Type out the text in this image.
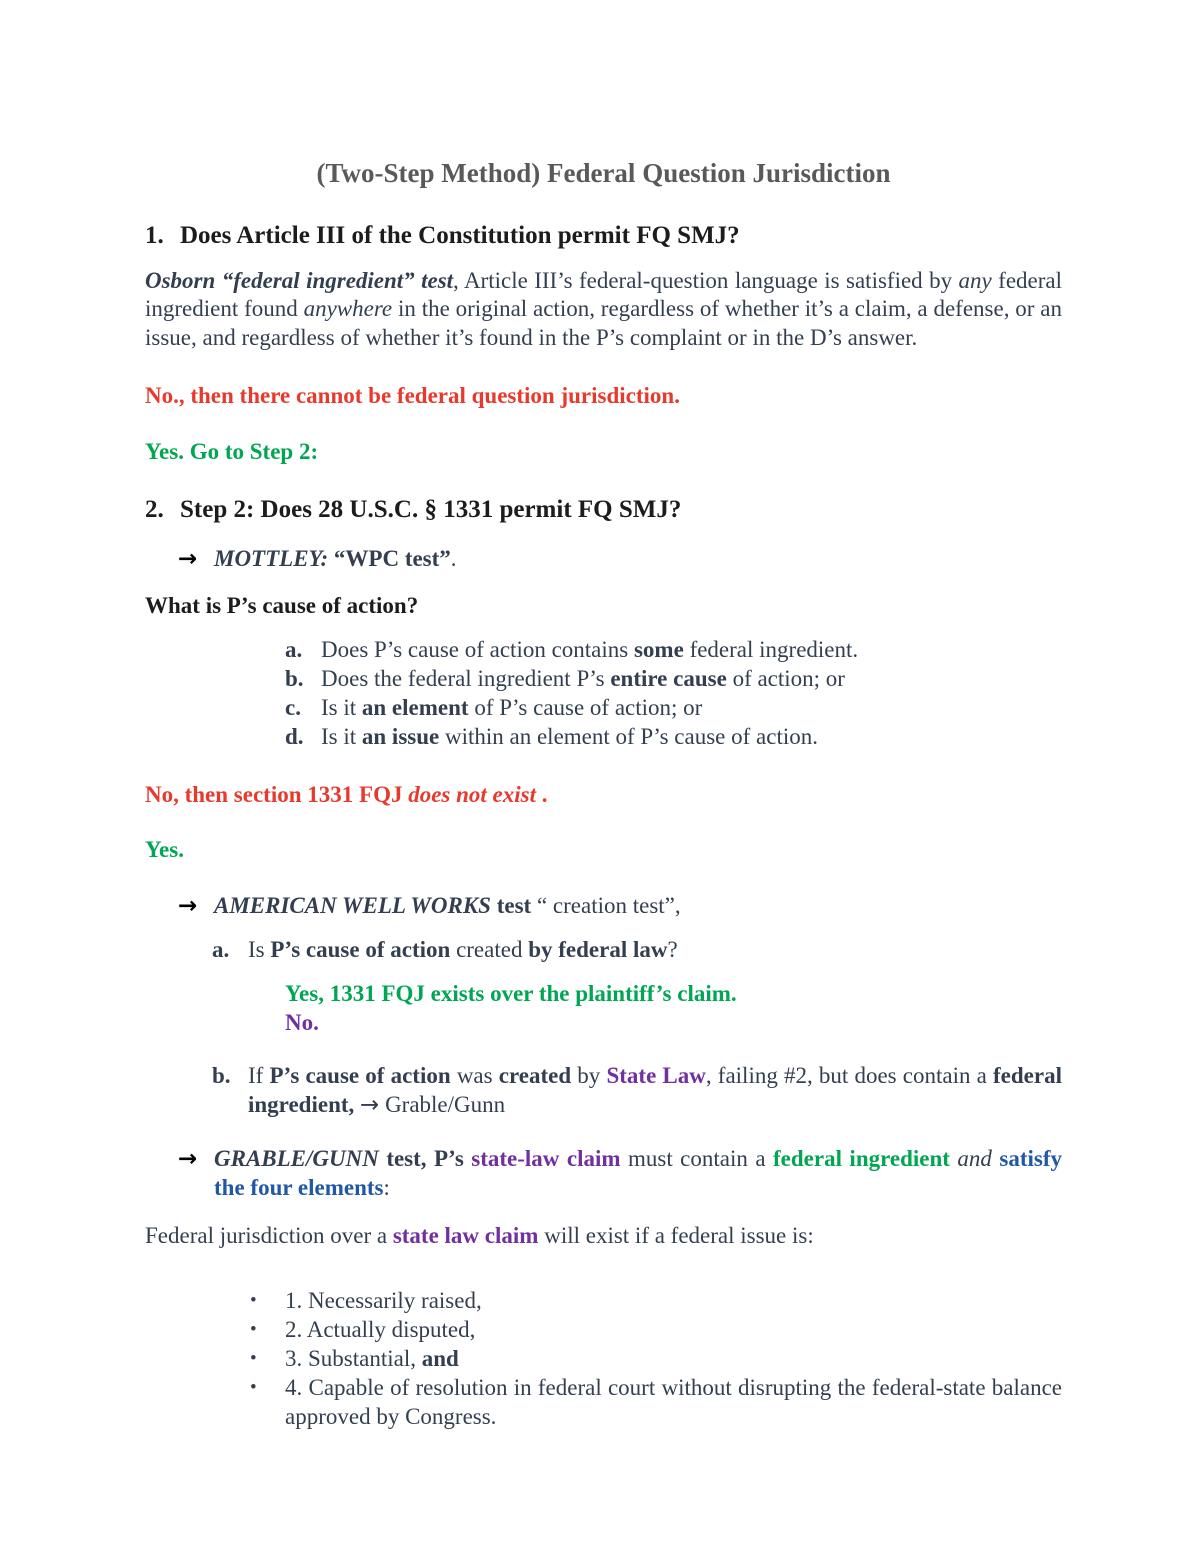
(Two-Step Method) Federal Question Jurisdiction
1. Does Article III of the Constitution permit FQ SMJ?

Osborn “federal ingredient” test, Article III’s federal-question language is satisfied by any federal ingredient found anywhere in the original action, regardless of whether it’s a claim, a defense, or an issue, and regardless of whether it’s found in the P’s complaint or in the D’s answer.

No., then there cannot be federal question jurisdiction.

Yes. Go to Step 2:

2. Step 2: Does 28 U.S.C. § 1331 permit FQ SMJ?
→ MOTTLEY: “WPC test”.

What is P’s cause of action?

a. Does P’s cause of action contains some federal ingredient.
b. Does the federal ingredient P’s entire cause of action; or
c. Is it an element of P’s cause of action; or
d. Is it an issue within an element of P’s cause of action.

No, then section 1331 FQJ does not exist .

Yes.

→ AMERICAN WELL WORKS test “ creation test”,
a. Is P’s cause of action created by federal law?
Yes, 1331 FQJ exists over the plaintiff’s claim.
No.
b. If P’s cause of action was created by State Law, failing #2, but does contain a federal ingredient, → Grable/Gunn
→ GRABLE/GUNN test, P’s state-law claim must contain a federal ingredient and satisfy the four elements:

Federal jurisdiction over a state law claim will exist if a federal issue is:

•	1. Necessarily raised,
•	2. Actually disputed,
•	3. Substantial, and
•	4. Capable of resolution in federal court without disrupting the federal-state balance approved by Congress.
